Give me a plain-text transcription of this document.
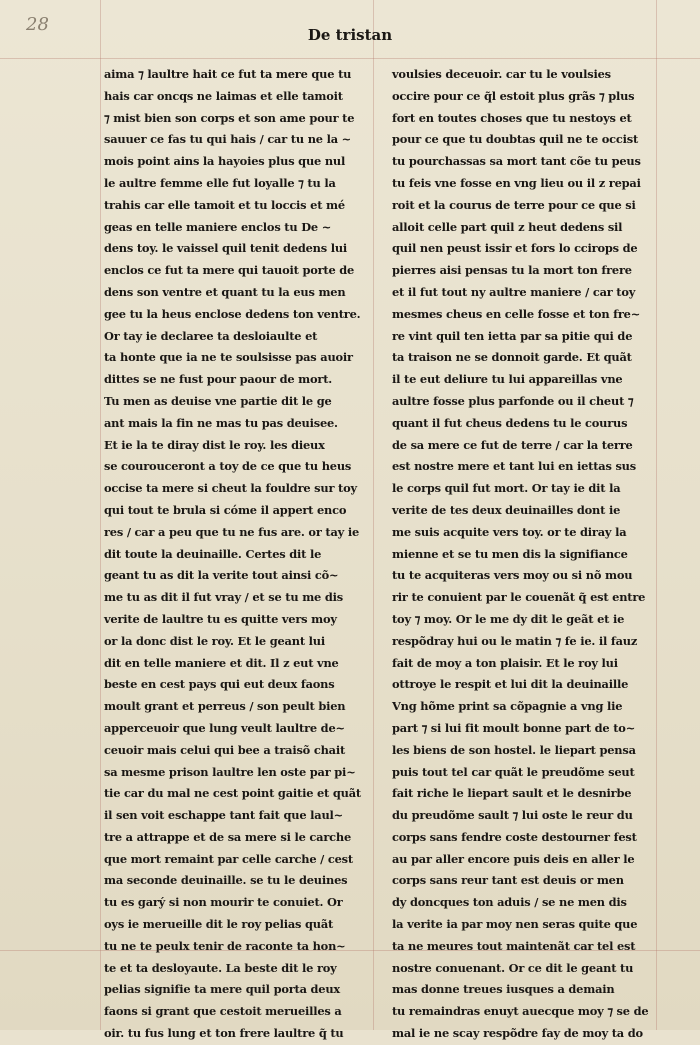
28	De tristan
aima ⁊ laultre hait ce fut ta mere que tu
hais car oncqs ne laimas et elle tamoit
⁊ mist bien son corps et son ame pour te
sauuer ce fas tu qui hais / car tu ne la ~
mois point ains la hayoies plus que nul
le aultre femme elle fut loyalle ⁊ tu la
trahis car elle tamoit et tu loccis et mé
geas en telle maniere enclos tu De ~
dens toy. le vaissel quil tenit dedens lui
enclos ce fut ta mere qui tauoit porte de
dens son ventre et quant tu la eus men
gee tu la heus enclose dedens ton ventre.
Or tay ie declaree ta desloiaulte et
ta honte que ia ne te soulsisse pas auoir
dittes se ne fust pour paour de mort.
Tu men as deuise vne partie dit le ge
ant mais la fin ne mas tu pas deuisee.
Et ie la te diray dist le roy. les dieux
se courouceront a toy de ce que tu heus
occise ta mere si cheut la fouldre sur toy
qui tout te brula si cóme il appert enco
res / car a peu que tu ne fus are. or tay ie
dit toute la deuinaille. Certes dit le
geant tu as dit la verite tout ainsi cõ~
me tu as dit il fut vray / et se tu me dis
verite de laultre tu es quitte vers moy
or la donc dist le roy. Et le geant lui
dit en telle maniere et dit. Il z eut vne
beste en cest pays qui eut deux faons
moult grant et perreus / son peult bien
apperceuoir que lung veult laultre de~
ceuoir mais celui qui bee a traisõ chait
sa mesme prison laultre len oste par pi~
tie car du mal ne cest point gaitie et quãt
il sen voit eschappe tant fait que laul~
tre a attrappe et de sa mere si le carche
que mort remaint par celle carche / cest
ma seconde deuinaille. se tu le deuines
tu es garý si non mourir te conuiet. Or
oys ie merueille dit le roy pelias quãt
tu ne te peulx tenir de raconte ta hon~
te et ta desloyaute. La beste dit le roy
pelias signifie ta mere quil porta deux
faons si grant que cestoit merueilles a
oir. tu fus lung et ton frere laultre q̃ tu
voulsies deceuoir. car tu le voulsies
occire pour ce q̃l estoit plus grãs ⁊ plus
fort en toutes choses que tu nestoys et
pour ce que tu doubtas quil ne te occist
tu pourchassas sa mort tant cõe tu peus
tu feis vne fosse en vng lieu ou il z repai
roit et la courus de terre pour ce que si
alloit celle part quil z heut dedens sil
quil nen peust issir et fors lo ccirops de
pierres aisi pensas tu la mort ton frere
et il fut tout ny aultre maniere / car toy
mesmes cheus en celle fosse et ton fre~
re vint quil ten ietta par sa pitie qui de
ta traison ne se donnoit garde. Et quãt
il te eut deliure tu lui appareillas vne
aultre fosse plus parfonde ou il cheut ⁊
quant il fut cheus dedens tu le courus
de sa mere ce fut de terre / car la terre
est nostre mere et tant lui en iettas sus
le corps quil fut mort. Or tay ie dit la
verite de tes deux deuinailles dont ie
me suis acquite vers toy. or te diray la
mienne et se tu men dis la signifiance
tu te acquiteras vers moy ou si nõ mou
rir te conuient par le couenãt q̃ est entre
toy ⁊ moy. Or le me dy dit le geãt et ie
respõdray hui ou le matin ⁊ fe ie. il fauz
fait de moy a ton plaisir. Et le roy lui
ottroye le respit et lui dit la deuinaille
Vng hõme print sa cõpagnie a vng lie
part ⁊ si lui fit moult bonne part de to~
les biens de son hostel. le liepart pensa
puis tout tel car quãt le preudõme seut
fait riche le liepart sault et le desnirbe
du preudõme sault ⁊ lui oste le reur du
corps sans fendre coste destourner fest
au par aller encore puis deis en aller le
corps sans reur tant est deuis or men
dy doncques ton aduis / se ne men dis
la verite ia par moy nen seras quite que
ta ne meures tout maintenãt car tel est
nostre conuenant. Or ce dit le geant tu
mas donne treues iusques a demain
tu remaindras enuyt auecque moy ⁊ se de
mal ie ne scay respõdre fay de moy ta do
